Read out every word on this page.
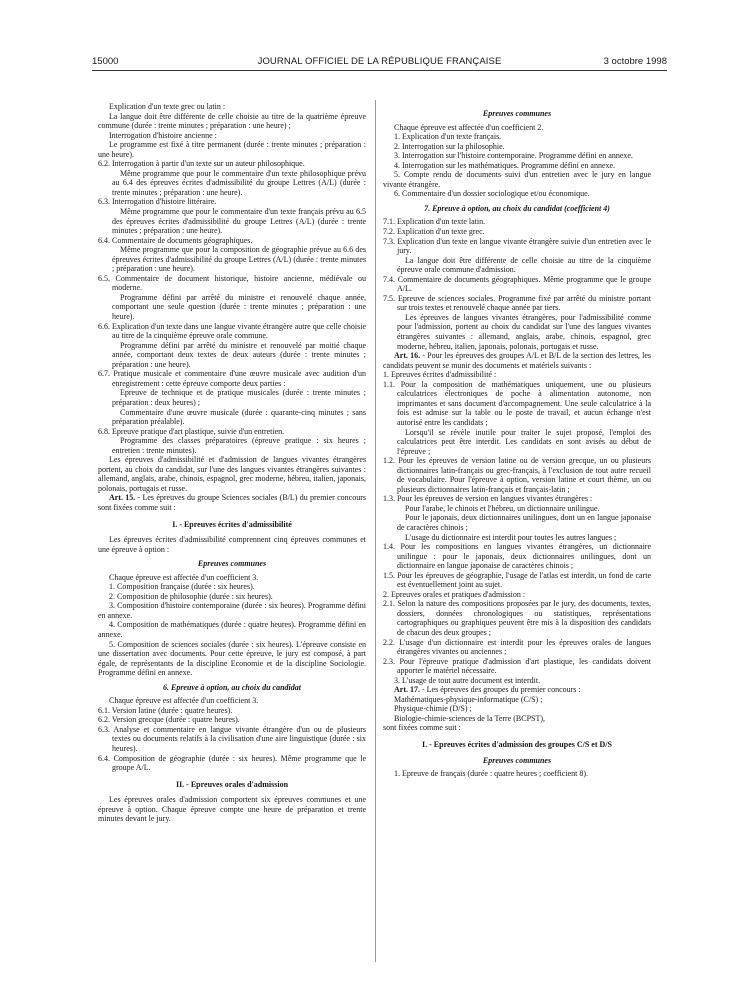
15000	JOURNAL OFFICIEL DE LA RÉPUBLIQUE FRANÇAISE	3 octobre 1998

Explication d'un texte grec ou latin :

La langue doit être différente de celle choisie au titre de la quatrième épreuve commune (durée : trente minutes ; préparation : une heure) ;

Interrogation d'histoire ancienne :

Le programme est fixé à titre permanent (durée : trente minutes ; préparation : une heure).

6.2. Interrogation à partir d'un texte sur un auteur philosophique.

Même programme que pour le commentaire d'un texte philosophique prévu au 6.4 des épreuves écrites d'admissibilité du groupe Lettres (A/L) (durée : trente minutes ; préparation : une heure).

6.3. Interrogation d'histoire littéraire.

Même programme que pour le commentaire d'un texte français prévu au 6.5 des épreuves écrites d'admissibilité du groupe Lettres (A/L) (durée : trente minutes ; préparation : une heure).

6.4. Commentaire de documents géographiques.

Même programme que pour la composition de géographie prévue au 6.6 des épreuves écrites d'admissibilité du groupe Lettres (A/L) (durée : trente minutes ; préparation : une heure).

6.5. Commentaire de document historique, histoire ancienne, médiévale ou moderne.

Programme défini par arrêté du ministre et renouvelé chaque année, comportant une seule question (durée : trente minutes ; préparation : une heure).

6.6. Explication d'un texte dans une langue vivante étrangère autre que celle choisie au titre de la cinquième épreuve orale commune.

Programme défini par arrêté du ministre et renouvelé par moitié chaque année, comportant deux textes de deux auteurs (durée : trente minutes ; préparation : une heure).

6.7. Pratique musicale et commentaire d'une œuvre musicale avec audition d'un enregistrement : cette épreuve comporte deux parties :

Epreuve de technique et de pratique musicales (durée : trente minutes ; préparation : deux heures) ;

Commentaire d'une œuvre musicale (durée : quarante-cinq minutes ; sans préparation préalable).

6.8. Epreuve pratique d'art plastique, suivie d'un entretien.

Programme des classes préparatoires (épreuve pratique : six heures ; entretien : trente minutes).

Les épreuves d'admissibilité et d'admission de langues vivantes étrangères portent, au choix du candidat, sur l'une des langues vivantes étrangères suivantes : allemand, anglais, arabe, chinois, espagnol, grec moderne, hébreu, italien, japonais, polonais, portugais et russe.

Art. 15. - Les épreuves du groupe Sciences sociales (B/L) du premier concours sont fixées comme suit :

I. - Epreuves écrites d'admissibilité

Les épreuves écrites d'admissibilité comprennent cinq épreuves communes et une épreuve à option :

Epreuves communes

Chaque épreuve est affectée d'un coefficient 3.

1. Composition française (durée : six heures).

2. Composition de philosophie (durée : six heures).

3. Composition d'histoire contemporaine (durée : six heures). Programme défini en annexe.

4. Composition de mathématiques (durée : quatre heures). Programme défini en annexe.

5. Composition de sciences sociales (durée : six heures). L'épreuve consiste en une dissertation avec documents. Pour cette épreuve, le jury est composé, à part égale, de représentants de la discipline Economie et de la discipline Sociologie. Programme défini en annexe.

6. Epreuve à option, au choix du candidat

Chaque épreuve est affectée d'un coefficient 3.

6.1. Version latine (durée : quatre heures).

6.2. Version grecque (durée : quatre heures).

6.3. Analyse et commentaire en langue vivante étrangère d'un ou de plusieurs textes ou documents relatifs à la civilisation d'une aire linguistique (durée : six heures).

6.4. Composition de géographie (durée : six heures). Même programme que le groupe A/L.

II. - Epreuves orales d'admission

Les épreuves orales d'admission comportent six épreuves communes et une épreuve à option. Chaque épreuve compte une heure de préparation et trente minutes devant le jury.

Epreuves communes

Chaque épreuve est affectée d'un coefficient 2.

1. Explication d'un texte français.

2. Interrogation sur la philosophie.

3. Interrogation sur l'histoire contemporaine. Programme défini en annexe.

4. Interrogation sur les mathématiques. Programme défini en annexe.

5. Compte rendu de documents suivi d'un entretien avec le jury en langue vivante étrangère.

6. Commentaire d'un dossier sociologique et/ou économique.

7. Epreuve à option, au choix du candidat (coefficient 4)

7.1. Explication d'un texte latin.

7.2. Explication d'un texte grec.

7.3. Explication d'un texte en langue vivante étrangère suivie d'un entretien avec le jury.

La langue doit être différente de celle choisie au titre de la cinquième épreuve orale commune d'admission.

7.4. Commentaire de documents géographiques. Même programme que le groupe A/L.

7.5. Epreuve de sciences sociales. Programme fixé par arrêté du ministre portant sur trois textes et renouvelé chaque année par tiers.

Les épreuves de langues vivantes étrangères, pour l'admissibilité comme pour l'admission, portent au choix du candidat sur l'une des langues vivantes étrangères suivantes : allemand, anglais, arabe, chinois, espagnol, grec moderne, hébreu, italien, japonais, polonais, portugais et russe.

Art. 16. - Pour les épreuves des groupes A/L et B/L de la section des lettres, les candidats peuvent se munir des documents et matériels suivants :

1. Epreuves écrites d'admissibilité :

1.1. Pour la composition de mathématiques uniquement, une ou plusieurs calculatrices électroniques de poche à alimentation autonome, non imprimantes et sans document d'accompagnement. Une seule calculatrice à la fois est admise sur la table ou le poste de travail, et aucun échange n'est autorisé entre les candidats ;

Lorsqu'il se révèle inutile pour traiter le sujet proposé, l'emploi des calculatrices peut être interdit. Les candidats en sont avisés au début de l'épreuve ;

1.2. Pour les épreuves de version latine ou de version grecque, un ou plusieurs dictionnaires latin-français ou grec-français, à l'exclusion de tout autre recueil de vocabulaire. Pour l'épreuve à option, version latine et court thème, un ou plusieurs dictionnaires latin-français et français-latin ;

1.3. Pour les épreuves de version en langues vivantes étrangères :

Pour l'arabe, le chinois et l'hébreu, un dictionnaire unilingue.

Pour le japonais, deux dictionnaires unilingues, dont un en langue japonaise de caractères chinois ;

L'usage du dictionnaire est interdit pour toutes les autres langues ;

1.4. Pour les compositions en langues vivantes étrangères, un dictionnaire unilingue : pour le japonais, deux dictionnaires unilingues, dont un dictionnaire en langue japonaise de caractères chinois ;

1.5. Pour les épreuves de géographie, l'usage de l'atlas est interdit, un fond de carte est éventuellement joint au sujet.

2. Epreuves orales et pratiques d'admission :

2.1. Selon la nature des compositions proposées par le jury, des documents, textes, dossiers, données chronologiques ou statistiques, représentations cartographiques ou graphiques peuvent être mis à la disposition des candidats de chacun des deux groupes ;

2.2. L'usage d'un dictionnaire est interdit pour les épreuves orales de langues étrangères vivantes ou anciennes ;

2.3. Pour l'épreuve pratique d'admission d'art plastique, les candidats doivent apporter le matériel nécessaire.

3. L'usage de tout autre document est interdit.

Art. 17. - Les épreuves des groupes du premier concours :

Mathématiques-physique-informatique (C/S) ;

Physique-chimie (D/S) ;

Biologie-chimie-sciences de la Terre (BCPST),

sont fixées comme suit :

I. - Epreuves écrites d'admission des groupes C/S et D/S

Epreuves communes

1. Epreuve de français (durée : quatre heures ; coefficient 8).
